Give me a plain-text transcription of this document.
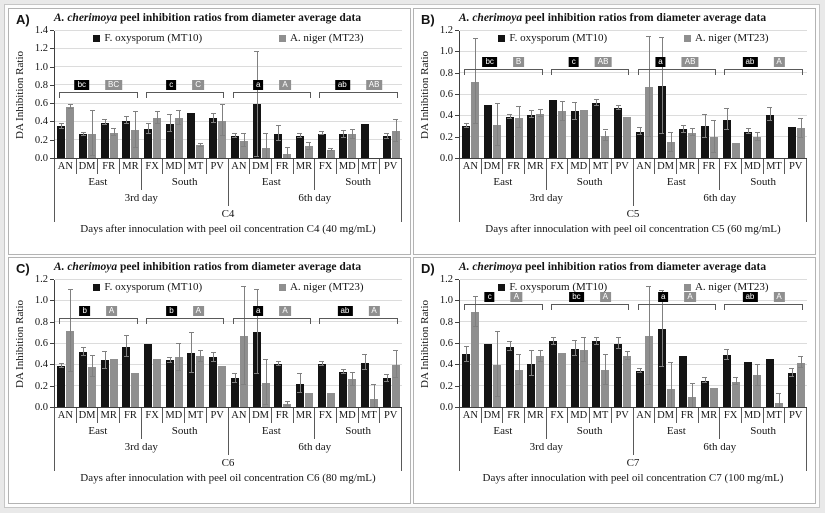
A)	A. cherimoya peel inhibition ratios from diameter average data
DA Inhibition Ratio
0.0
0.2
0.4
0.6
0.8
1.0
1.2
1.4
F. oxysporum (MT10)	A. niger (MT23)
bc	BC	c	C	a	A	ab	AB
AN DM FR MR FX MD MT PV AN DM FR MR FX MD MT PV
East	South	East	South
3rd day	6th day
C4
Days after innoculation with peel oil concentration C4 (40 mg/mL)
B)	A. cherimoya peel inhibition ratios from diameter average data
DA Inhibition Ratio
0.0
0.2
0.4
0.6
0.8
1.0
1.2
F. oxysporum (MT10)	A. niger (MT23)
bc	B	c	AB	a	AB	ab	A
AN DM FR MR FX MD MT PV AN DM MR FR FX MD MT PV
East	South	East	South
3rd day	6th day
C5
Days after innoculation with peel oil concentration C5 (60 mg/mL)
C)	A. cherimoya peel inhibition ratios from diameter average data
DA Inhibition Ratio
0.0
0.2
0.4
0.6
0.8
1.0
1.2
F. oxysporum (MT10)	A. niger (MT23)
b	A	b	A	a	A	ab	A
AN DM MR FR FX MD MT PV AN DM FR MR FX MD MT PV
East	South	East	South
3rd day	6th day
C6
Days after innoculation with peel oil concentration C6 (80 mg/mL)
D)	A. cherimoya peel inhibition ratios from diameter average data
DA Inhibition Ratio
0.0
0.2
0.4
0.6
0.8
1.0
1.2
F. oxysporum (MT10)	A. niger (MT23)
c	A	bc	A	a	A	ab	A
AN DM FR MR FX MD MT PV AN DM FR MR FX MD MT PV
East	South	East	South
3rd day	6th day
C7
Days after innoculation with peel oil concentration C7 (100 mg/mL)
